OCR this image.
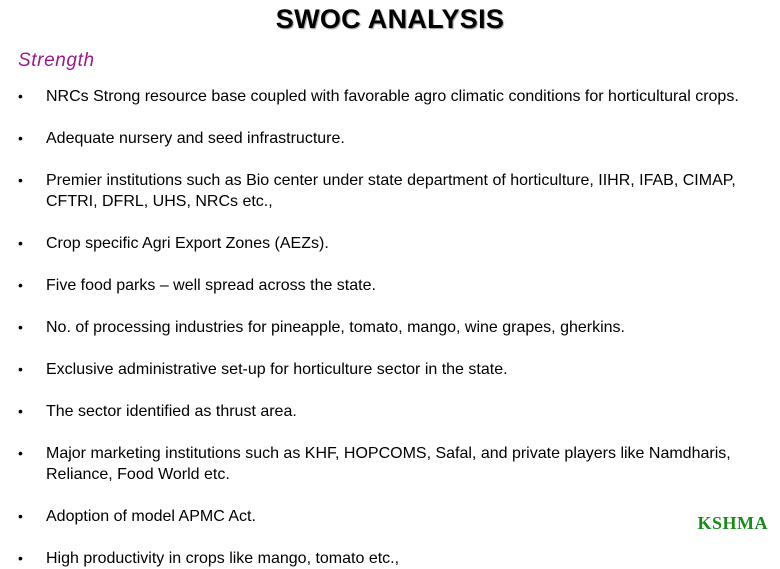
SWOC ANALYSIS
Strength
•	NRCs Strong resource base coupled with favorable agro climatic conditions for horticultural crops.
•	Adequate nursery and seed infrastructure.
•	Premier institutions such as Bio center under state department of horticulture, IIHR, IFAB, CIMAP, CFTRI, DFRL, UHS, NRCs etc.,
•	Crop specific Agri Export Zones (AEZs).
•	Five food parks – well spread across the state.
•	No. of processing industries for pineapple, tomato, mango, wine grapes, gherkins.
•	Exclusive administrative set-up for horticulture sector in the state.
•	The sector identified as thrust area.
•	Major marketing institutions such as KHF, HOPCOMS, Safal, and private players like Namdharis, Reliance, Food World etc.
•	Adoption of model APMC Act.
•	High productivity in crops like mango, tomato etc.,
KSHMA
